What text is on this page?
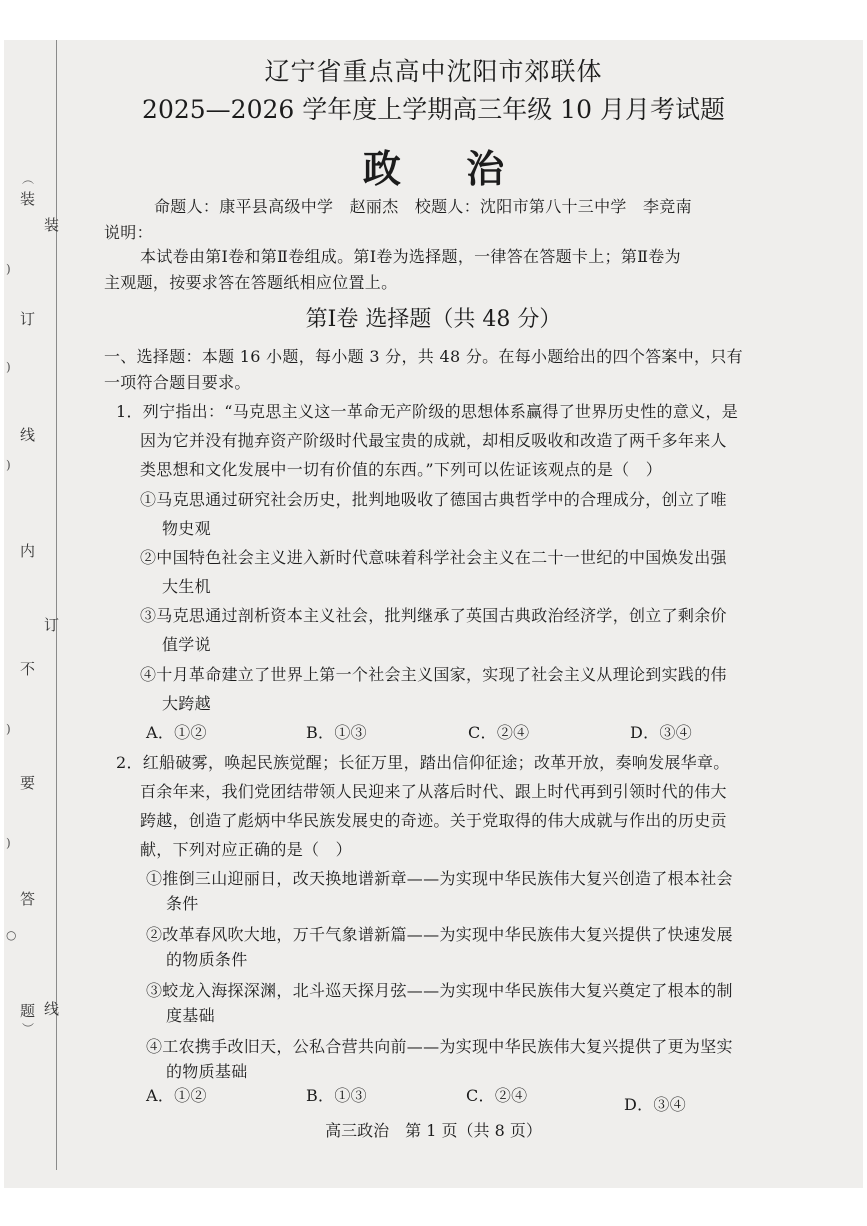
︵
装
装
)
订
)
线
)
内
订
不
)
要
)
答
○
题 线
︶
辽宁省重点高中沈阳市郊联体
2025—2026 学年度上学期高三年级 10 月月考试题
政 治
命题人：康平县高级中学　赵丽杰　校题人：沈阳市第八十三中学　李竞南
说明：
本试卷由第Ⅰ卷和第Ⅱ卷组成。第Ⅰ卷为选择题，一律答在答题卡上；第Ⅱ卷为
主观题，按要求答在答题纸相应位置上。
第Ⅰ卷 选择题（共 48 分）
一、选择题：本题 16 小题，每小题 3 分，共 48 分。在每小题给出的四个答案中，只有
一项符合题目要求。
1．列宁指出：“马克思主义这一革命无产阶级的思想体系赢得了世界历史性的意义，是
因为它并没有抛弃资产阶级时代最宝贵的成就，却相反吸收和改造了两千多年来人
类思想和文化发展中一切有价值的东西。”下列可以佐证该观点的是（　）
①马克思通过研究社会历史，批判地吸收了德国古典哲学中的合理成分，创立了唯
物史观
②中国特色社会主义进入新时代意味着科学社会主义在二十一世纪的中国焕发出强
大生机
③马克思通过剖析资本主义社会，批判继承了英国古典政治经济学，创立了剩余价
值学说
④十月革命建立了世界上第一个社会主义国家，实现了社会主义从理论到实践的伟
大跨越
A．①②	B．①③	C．②④	D．③④
2．红船破雾，唤起民族觉醒；长征万里，踏出信仰征途；改革开放，奏响发展华章。
百余年来，我们党团结带领人民迎来了从落后时代、跟上时代再到引领时代的伟大
跨越，创造了彪炳中华民族发展史的奇迹。关于党取得的伟大成就与作出的历史贡
献，下列对应正确的是（　）
①推倒三山迎丽日，改天换地谱新章——为实现中华民族伟大复兴创造了根本社会
条件
②改革春风吹大地，万千气象谱新篇——为实现中华民族伟大复兴提供了快速发展
的物质条件
③蛟龙入海探深渊，北斗巡天探月弦——为实现中华民族伟大复兴奠定了根本的制
度基础
④工农携手改旧天，公私合营共向前——为实现中华民族伟大复兴提供了更为坚实
的物质基础
A．①②	B．①③	C．②④	D．③④
高三政治　第 1 页（共 8 页）
